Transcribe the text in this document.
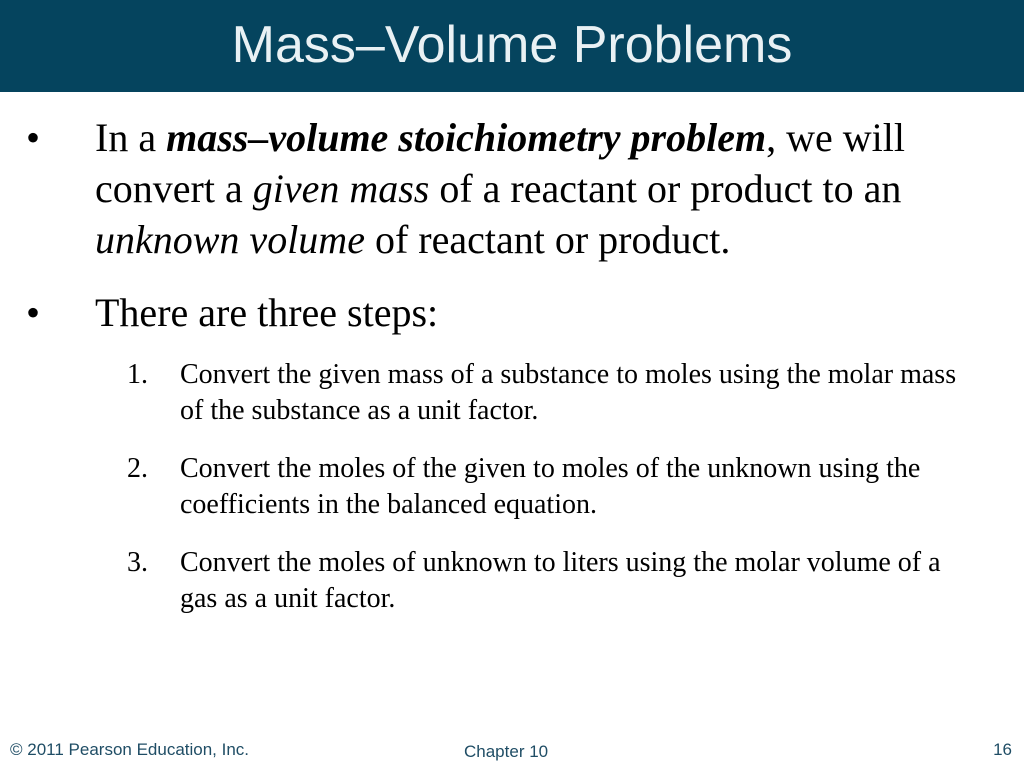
Mass–Volume Problems
•	In a mass–volume stoichiometry problem, we will convert a given mass of a reactant or product to an unknown volume of reactant or product.
•	There are three steps:
1. Convert the given mass of a substance to moles using the molar mass of the substance as a unit factor.
2. Convert the moles of the given to moles of the unknown using the coefficients in the balanced equation.
3. Convert the moles of unknown to liters using the molar volume of a gas as a unit factor.
© 2011 Pearson Education, Inc.	Chapter 10	16
